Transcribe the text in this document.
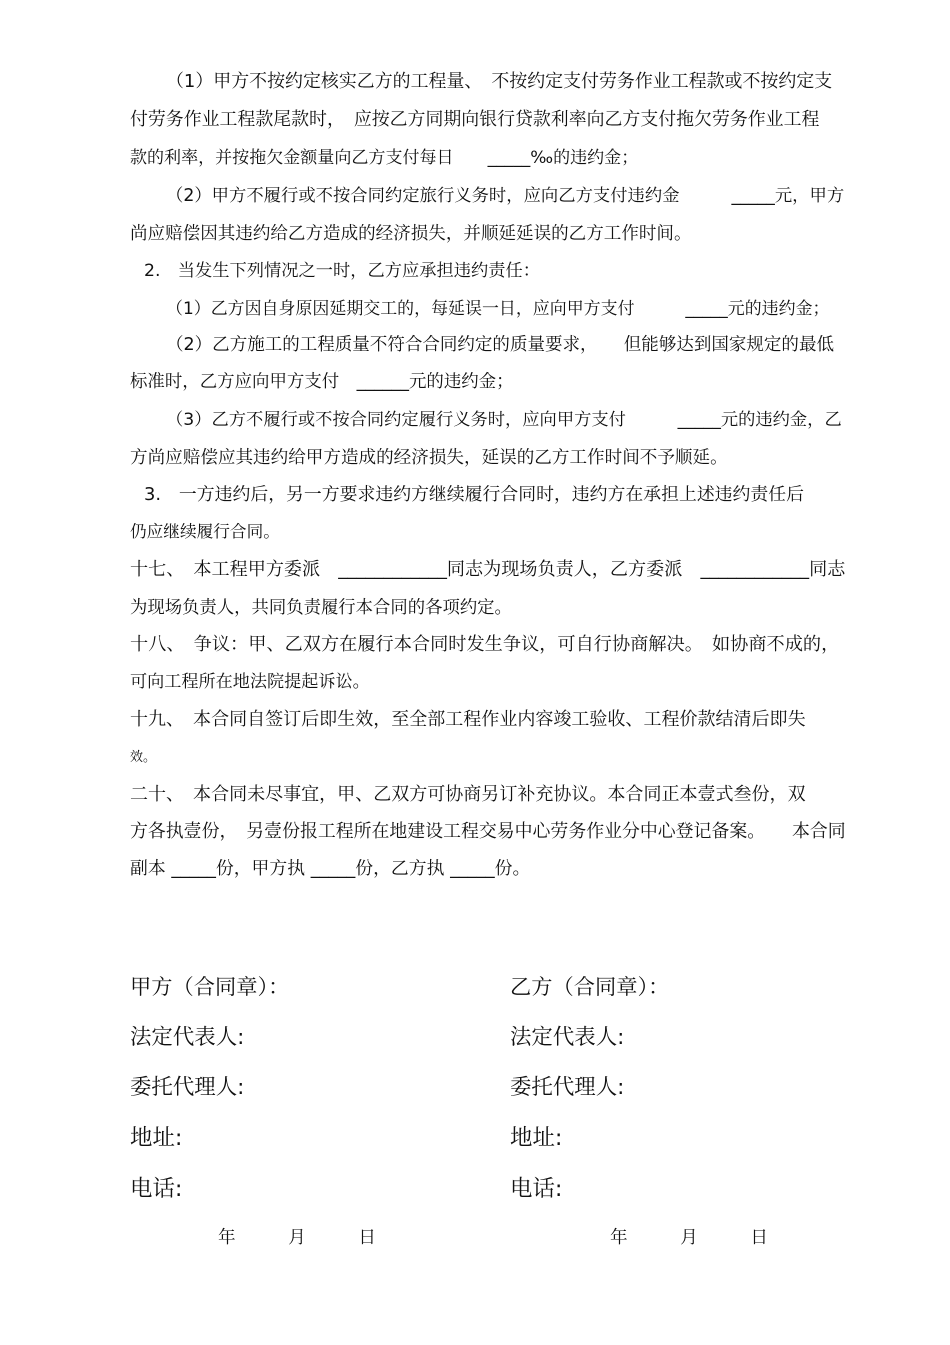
（1）甲方不按约定核实乙方的工程量、　不按约定支付劳务作业工程款或不按约定支
付劳务作业工程款尾款时，　应按乙方同期向银行贷款利率向乙方支付拖欠劳务作业工程
款的利率，并按拖欠金额量向乙方支付每日　　_____‰的违约金；
（2）甲方不履行或不按合同约定旅行义务时，应向乙方支付违约金　　　_____元，甲方
尚应赔偿因其违约给乙方造成的经济损失，并顺延延误的乙方工作时间。
2.　当发生下列情况之一时，乙方应承担违约责任：
（1）乙方因自身原因延期交工的，每延误一日，应向甲方支付　　　_____元的违约金；
（2）乙方施工的工程质量不符合合同约定的质量要求，　　但能够达到国家规定的最低
标准时，乙方应向甲方支付　______元的违约金；
（3）乙方不履行或不按合同约定履行义务时，应向甲方支付　　　_____元的违约金，乙
方尚应赔偿应其违约给甲方造成的经济损失，延误的乙方工作时间不予顺延。
3.　一方违约后，另一方要求违约方继续履行合同时，违约方在承担上述违约责任后
仍应继续履行合同。
十七、　本工程甲方委派　____________同志为现场负责人，乙方委派　____________同志
为现场负责人，共同负责履行本合同的各项约定。
十八、　争议：甲、乙双方在履行本合同时发生争议，可自行协商解决。　如协商不成的，
可向工程所在地法院提起诉讼。
十九、　本合同自签订后即生效，至全部工程作业内容竣工验收、工程价款结清后即失
效。
二十、　本合同未尽事宜，甲、乙双方可协商另订补充协议。本合同正本壹式叁份，双
方各执壹份，　另壹份报工程所在地建设工程交易中心劳务作业分中心登记备案。　　本合同
副本 _____份，甲方执 _____份，乙方执 _____份。
甲方（合同章）：
法定代表人:
委托代理人:
地址:
电话:
年　　　月　　　日
乙方（合同章）：
法定代表人:
委托代理人:
地址:
电话:
年　　　月　　　日
